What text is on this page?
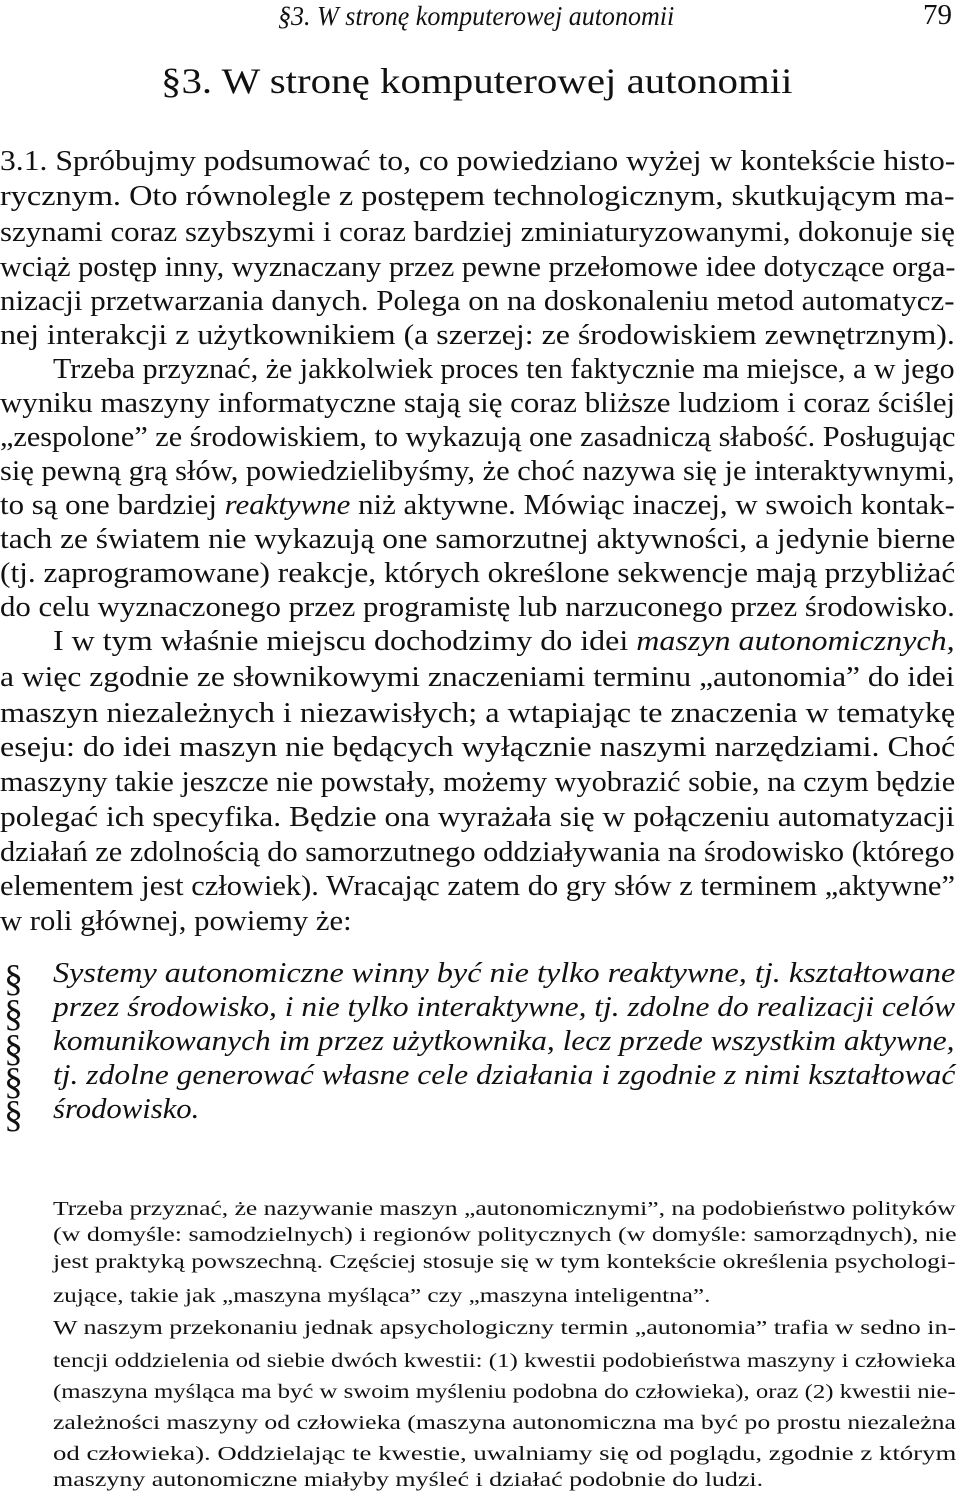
§3. W stronę komputerowej autonomii	79
§3. W stronę komputerowej autonomii
3.1. Spróbujmy podsumować to, co powiedziano wyżej w kontekście histo-
rycznym. Oto równolegle z postępem technologicznym, skutkującym ma-
szynami coraz szybszymi i coraz bardziej zminiaturyzowanymi, dokonuje się
wciąż postęp inny, wyznaczany przez pewne przełomowe idee dotyczące orga-
nizacji przetwarzania danych. Polega on na doskonaleniu metod automatycz-
nej interakcji z użytkownikiem (a szerzej: ze środowiskiem zewnętrznym).
Trzeba przyznać, że jakkolwiek proces ten faktycznie ma miejsce, a w jego
wyniku maszyny informatyczne stają się coraz bliższe ludziom i coraz ściślej
„zespolone” ze środowiskiem, to wykazują one zasadniczą słabość. Posługując
się pewną grą słów, powiedzielibyśmy, że choć nazywa się je interaktywnymi,
to są one bardziej reaktywne niż aktywne. Mówiąc inaczej, w swoich kontak-
tach ze światem nie wykazują one samorzutnej aktywności, a jedynie bierne
(tj. zaprogramowane) reakcje, których określone sekwencje mają przybliżać
do celu wyznaczonego przez programistę lub narzuconego przez środowisko.
I w tym właśnie miejscu dochodzimy do idei maszyn autonomicznych,
a więc zgodnie ze słownikowymi znaczeniami terminu „autonomia” do idei
maszyn niezależnych i niezawisłych; a wtapiając te znaczenia w tematykę
eseju: do idei maszyn nie będących wyłącznie naszymi narzędziami. Choć
maszyny takie jeszcze nie powstały, możemy wyobrazić sobie, na czym będzie
polegać ich specyfika. Będzie ona wyrażała się w połączeniu automatyzacji
działań ze zdolnością do samorzutnego oddziaływania na środowisko (którego
elementem jest człowiek). Wracając zatem do gry słów z terminem „aktywne”
w roli głównej, powiemy że:
§
§
§
§
§
Systemy autonomiczne winny być nie tylko reaktywne, tj. kształtowane
przez środowisko, i nie tylko interaktywne, tj. zdolne do realizacji celów
komunikowanych im przez użytkownika, lecz przede wszystkim aktywne,
tj. zdolne generować własne cele działania i zgodnie z nimi kształtować
środowisko.
Trzeba przyznać, że nazywanie maszyn „autonomicznymi”, na podobieństwo polityków
(w domyśle: samodzielnych) i regionów politycznych (w domyśle: samorządnych), nie
jest praktyką powszechną. Częściej stosuje się w tym kontekście określenia psychologi-
zujące, takie jak „maszyna myśląca” czy „maszyna inteligentna”.
W naszym przekonaniu jednak apsychologiczny termin „autonomia” trafia w sedno in-
tencji oddzielenia od siebie dwóch kwestii: (1) kwestii podobieństwa maszyny i człowieka
(maszyna myśląca ma być w swoim myśleniu podobna do człowieka), oraz (2) kwestii nie-
zależności maszyny od człowieka (maszyna autonomiczna ma być po prostu niezależna
od człowieka). Oddzielając te kwestie, uwalniamy się od poglądu, zgodnie z którym
maszyny autonomiczne miałyby myśleć i działać podobnie do ludzi.
